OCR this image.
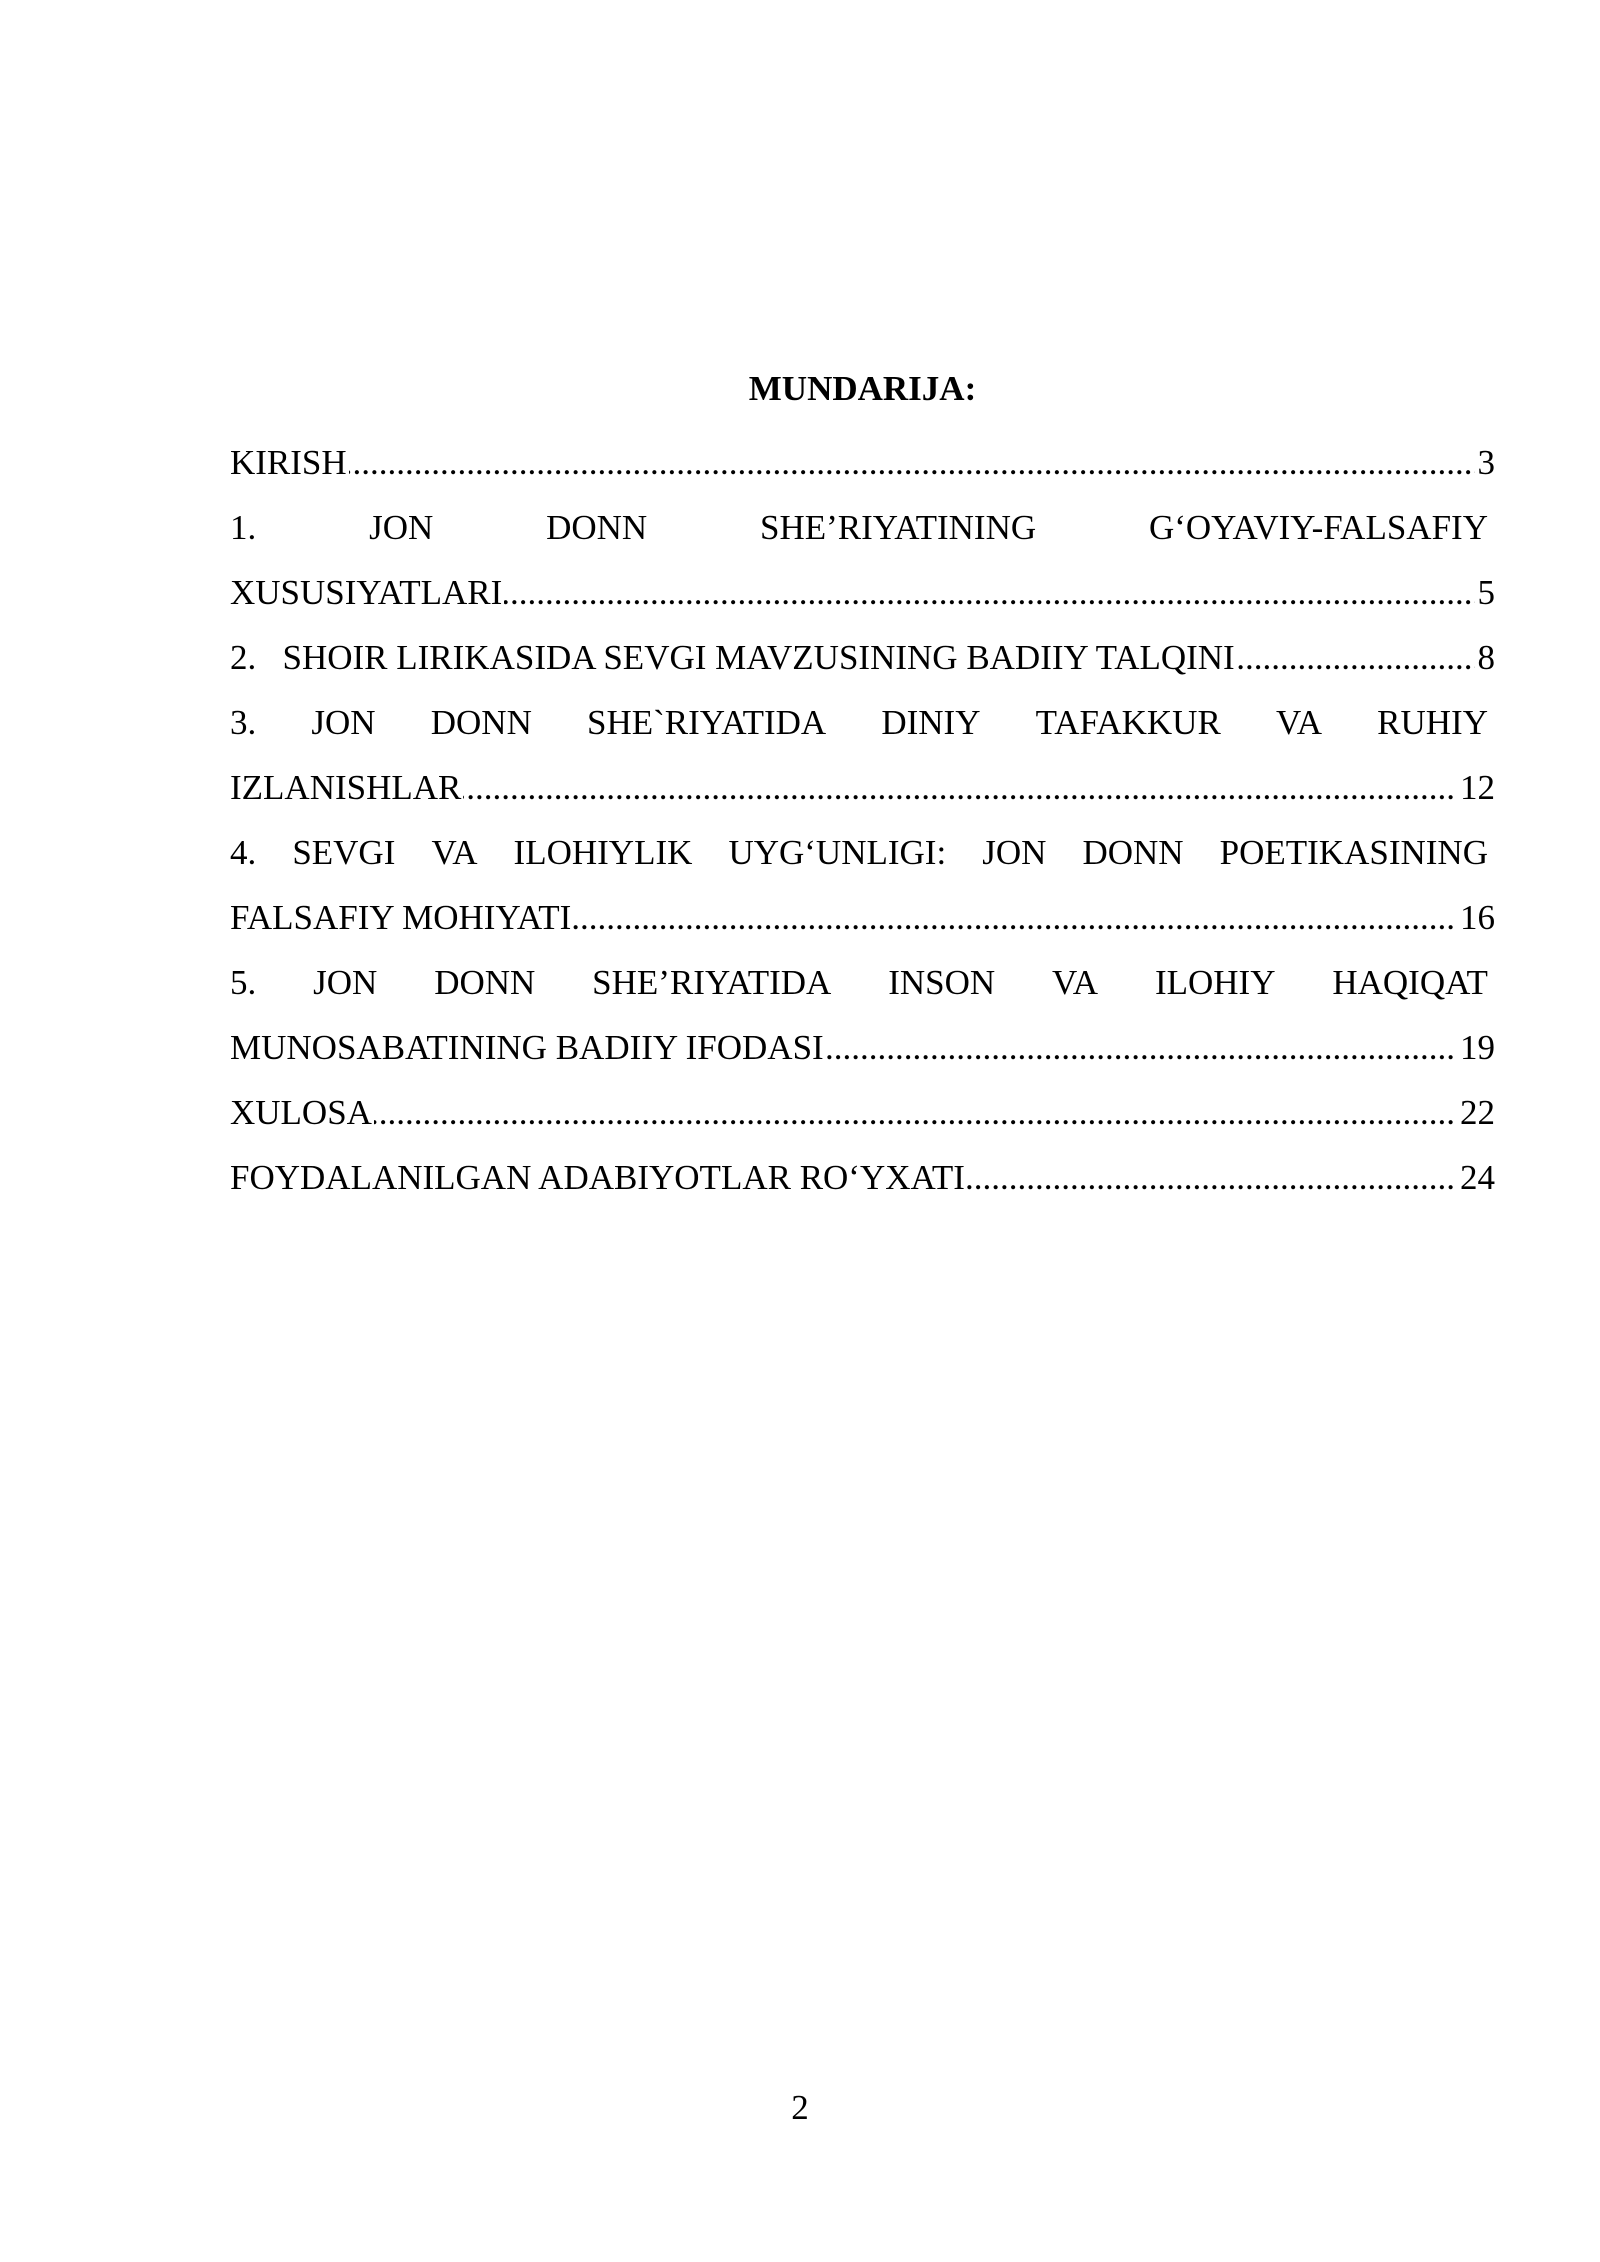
MUNDARIJA:
KIRISH	3
.....
1.	JON	DONN	SHE’RIYATINING	G‘OYAVIY-FALSAFIY
XUSUSIYATLARI	5
.....
2.   SHOIR LIRIKASIDA SEVGI MAVZUSINING BADIIY TALQINI	8
.....
3. JON DONN SHE`RIYATIDA DINIY TAFAKKUR VA RUHIY
IZLANISHLAR	12
.....
4. SEVGI VA ILOHIYLIK UYG‘UNLIGI: JON DONN POETIKASINING
FALSAFIY MOHIYATI	16
.....
5. JON DONN SHE’RIYATIDA INSON VA ILOHIY HAQIQAT
MUNOSABATINING BADIIY IFODASI	19
.....
XULOSA	22
.....
FOYDALANILGAN ADABIYOTLAR RO‘YXATI	24
.....
2
